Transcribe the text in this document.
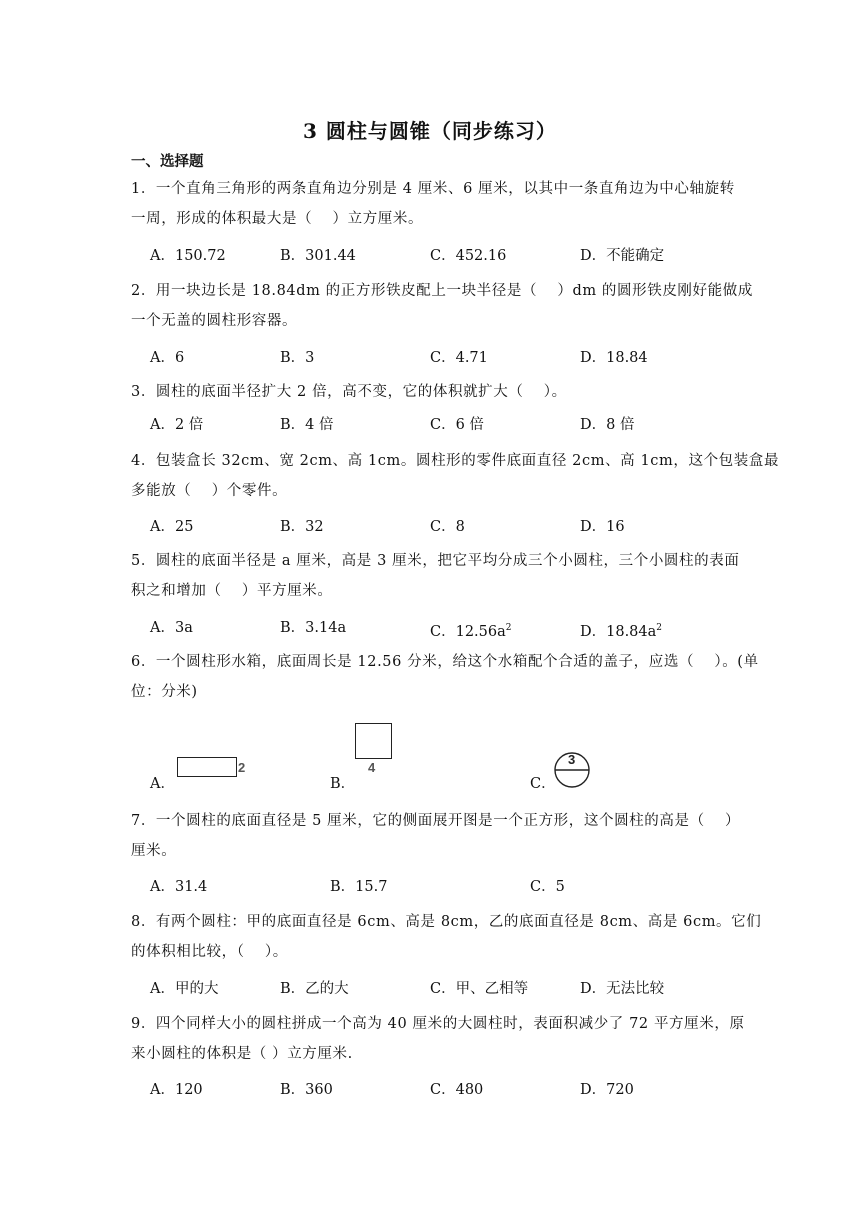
3 圆柱与圆锥（同步练习）
一、选择题
1．一个直角三角形的两条直角边分别是 4 厘米、6 厘米，以其中一条直角边为中心轴旋转
一周，形成的体积最大是（　 ）立方厘米。
A．150.72	B．301.44	C．452.16	D．不能确定
2．用一块边长是 18.84dm 的正方形铁皮配上一块半径是（　 ）dm 的圆形铁皮刚好能做成
一个无盖的圆柱形容器。
A．6	B．3	C．4.71	D．18.84
3．圆柱的底面半径扩大 2 倍，高不变，它的体积就扩大（　 ）。
A．2 倍	B．4 倍	C．6 倍	D．8 倍
4．包装盒长 32cm、宽 2cm、高 1cm。圆柱形的零件底面直径 2cm、高 1cm，这个包装盒最
多能放（　 ）个零件。
A．25	B．32	C．8	D．16
5．圆柱的底面半径是 a 厘米，高是 3 厘米，把它平均分成三个小圆柱，三个小圆柱的表面
积之和增加（　 ）平方厘米。
A．3a	B．3.14a	C．$12.56a^2$	D．$18.84a^2$
6．一个圆柱形水箱，底面周长是 12.56 分米，给这个水箱配个合适的盖子，应选（　 ）。(单
位：分米)
A．
2
B．
4
C．
3
7．一个圆柱的底面直径是 5 厘米，它的侧面展开图是一个正方形，这个圆柱的高是（　 ）
厘米。
A．31.4	B．15.7	C．5
8．有两个圆柱：甲的底面直径是 6cm、高是 8cm，乙的底面直径是 8cm、高是 6cm。它们
的体积相比较，（　 ）。
A．甲的大	B．乙的大	C．甲、乙相等	D．无法比较
9．四个同样大小的圆柱拼成一个高为 40 厘米的大圆柱时，表面积减少了 72 平方厘米，原
来小圆柱的体积是（ ）立方厘米.
A．120	B．360	C．480	D．720
